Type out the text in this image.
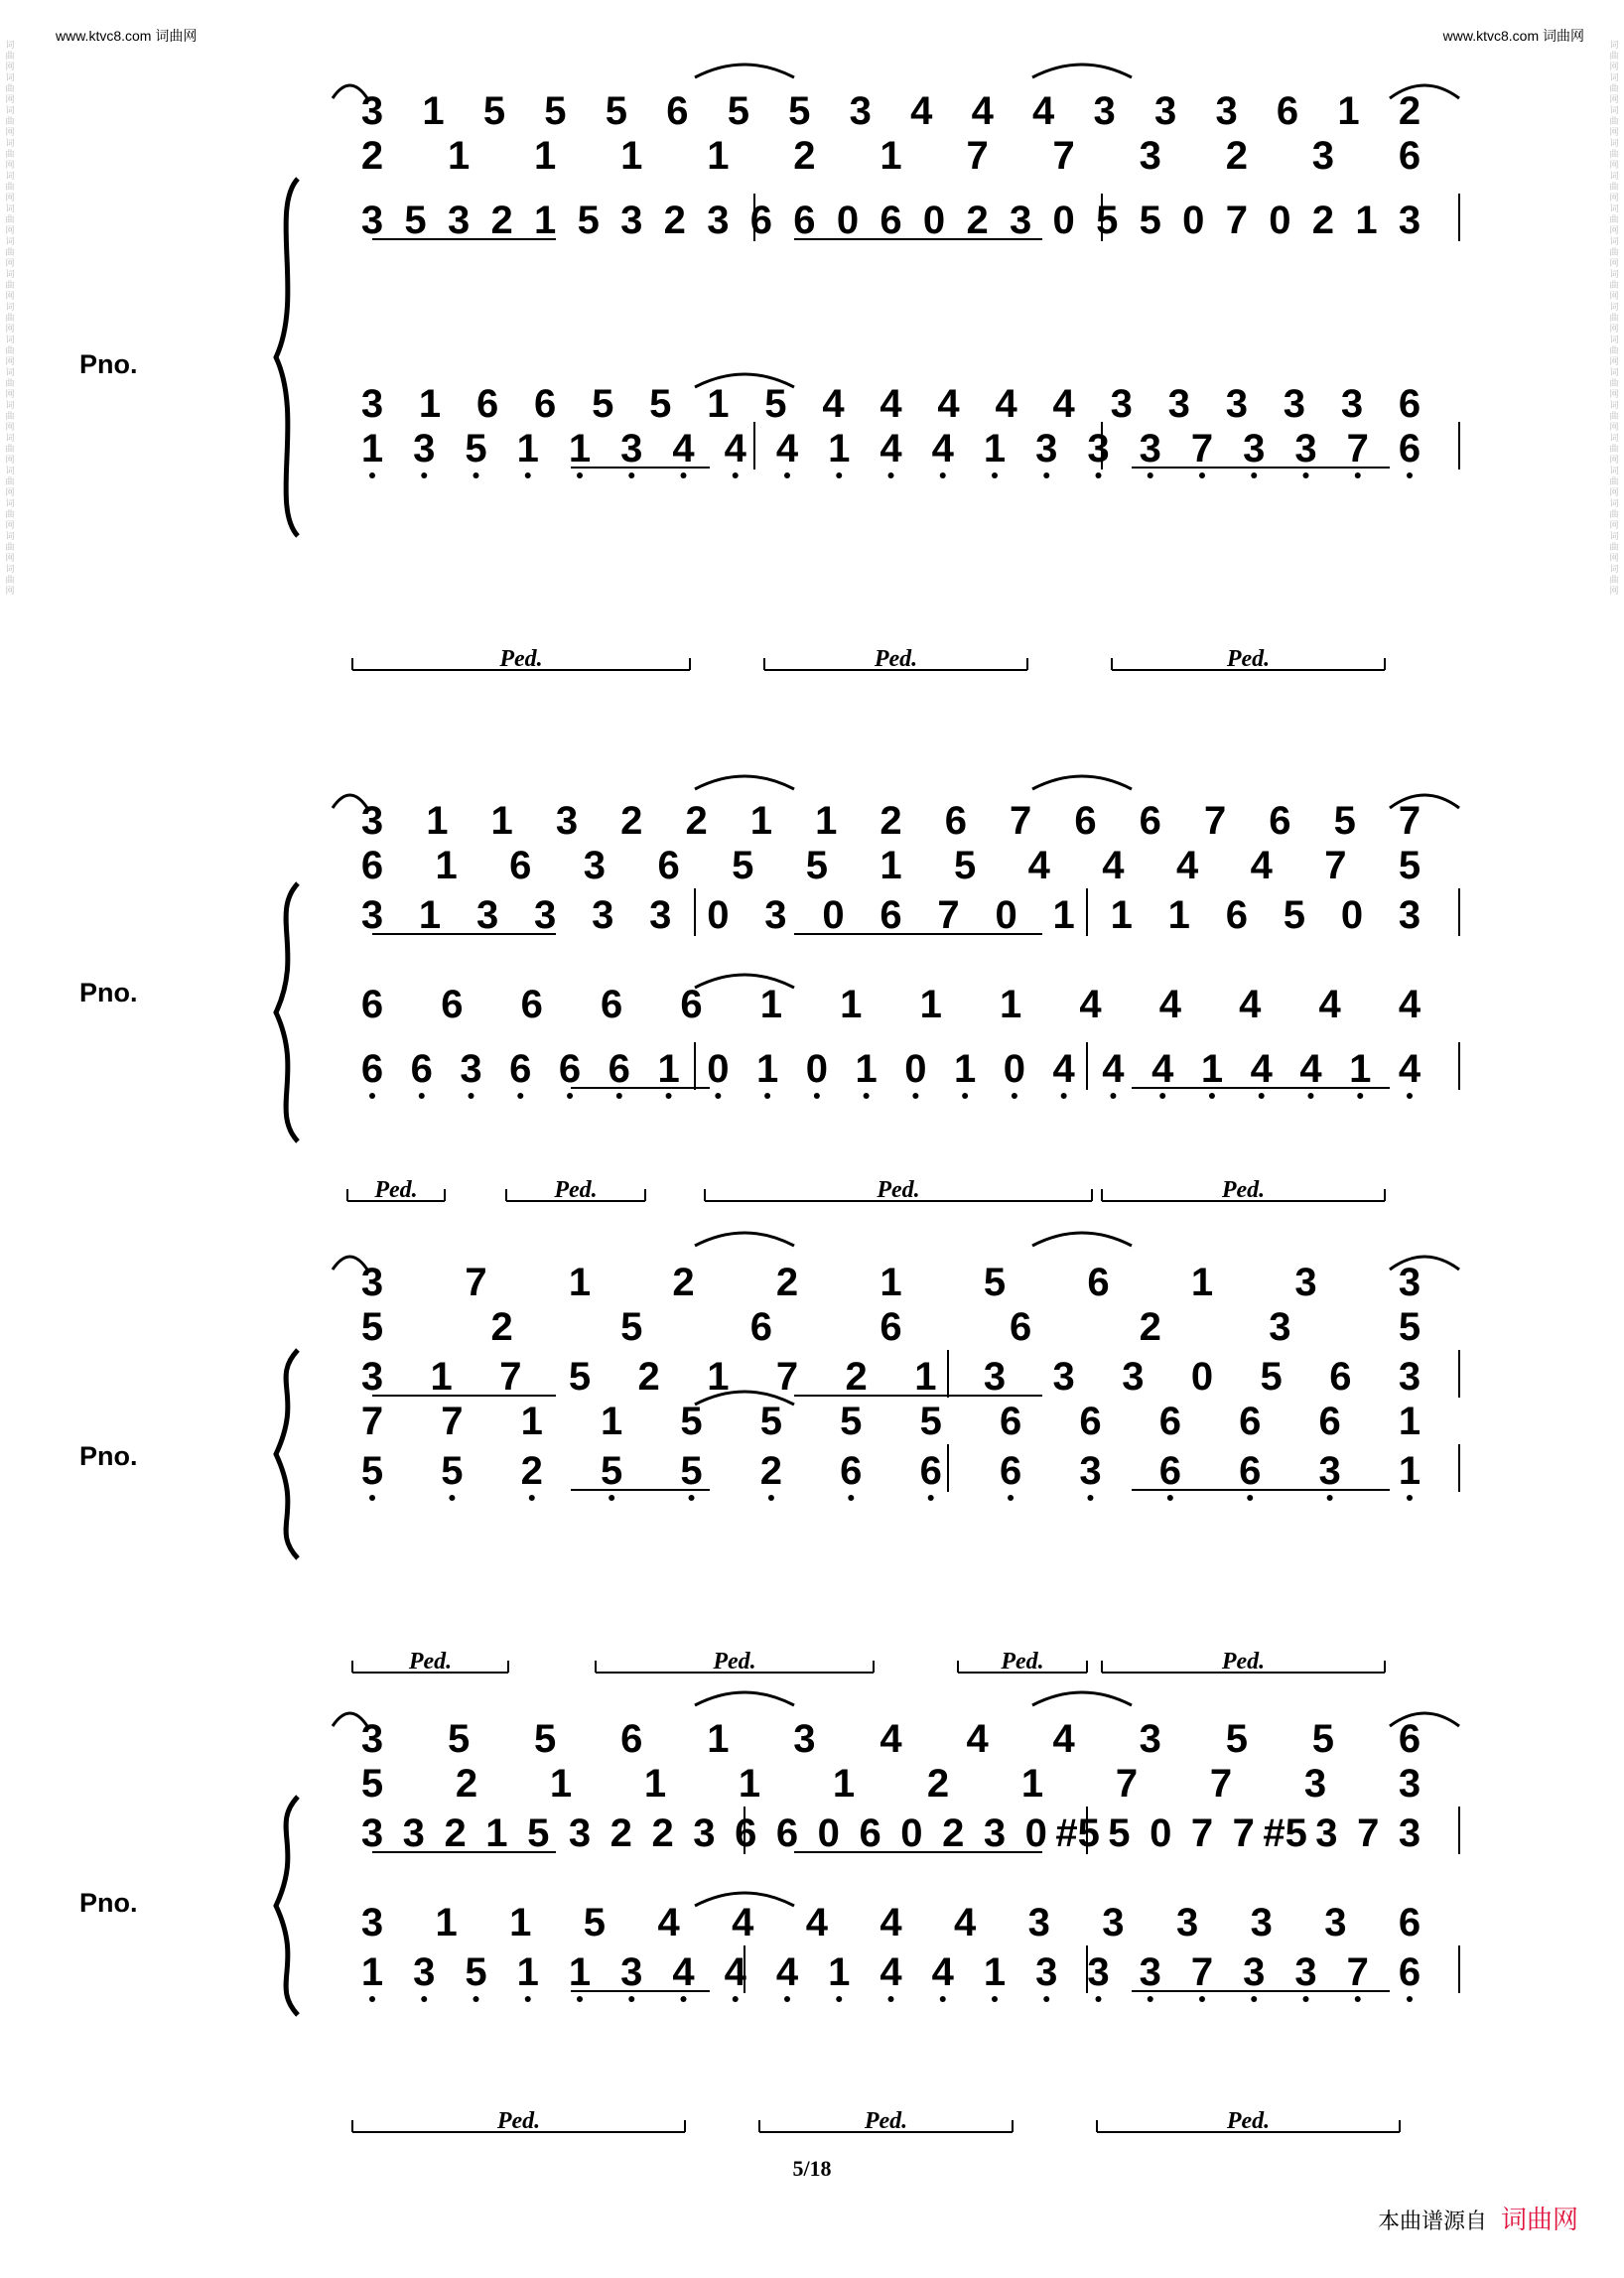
www.ktvc8.com 词曲网	www.ktvc8.com 词曲网
词
曲
网
词
曲
网
词
曲
网
词
曲
网
词
曲
网
词
曲
网
词
曲
网
词
曲
网
词
曲
网
词
曲
网
词
曲
网
词
曲
网
词
曲
网
词
曲
网
词
曲
网
词
曲
网
词
曲
网
词
曲
网
词
曲
网
词
曲
网
词
曲
网
词
曲
网
词
曲
网
词
曲
网
词
曲
网
词
曲
网
词
曲
网
词
曲
网
词
曲
网
词
曲
网
词
曲
网
词
曲
网
词
曲
网
词
曲
网
Pno.
Pno.
Pno.
Pno.
3 1 5 5 5 6 5 5 3 4 4 4 3 3 3 6 1 2
2 1 1 1 1 2 1 7 7 3 2 3 6
3 5 3 2 1 5 3 2 3 6 6 0 6 0 2 3 0 5 5 0 7 0 2 1 3
3 1 6 6 5 5 1 5 4 4 4 4 4 3 3 3 3 3 6
1 3 5 1 1 3 4 4 4 1 4 4 1 3 3 3 7 3 3 7 6
Ped.	Ped.	Ped.
3 1 1 3 2 2 1 1 2 6 7 6 6 7 6 5 7
6 1 6 3 6 5 5 1 5 4 4 4 4 7 5
3 1 3 3 3 3 0 3 0 6 7 0 1 1 1 6 5 0 3
6 6 6 6 6 1 1 1 1 4 4 4 4 4
6 6 3 6 6 6 1 0 1 0 1 0 1 0 4 4 4 1 4 4 1 4
Ped.	Ped.	Ped.	Ped.
3 7 1 2 2 1 5 6 1 3 3
5	2	5	6	6	6	2	3	5
3 1 7 5 2 1 7 2 1 3 3 3 0 5 6 3
7 7 1 1 5 5 5 5 6 6 6 6 6 1
5 5 2 5 5 2 6 6 6 3 6 6 3 1
Ped.	Ped.	Ped.	Ped.
3 5 5 6 1 3 4 4 4 3 5 5 6
5 2 1 1 1 1 2 1 7 7 3 3
3 3 2 1 5 3 2 2 3 6 6 0 6 0 2 3 0 #5 5 0 7 7 #5 3 7 3
3 1 1 5 4 4 4 4 4 3 3 3 3 3 6
1 3 5 1 1 3 4 4 4 1 4 4 1 3 3 3 7 3 3 7 6
Ped.	Ped.	Ped.
5/18
本曲谱源自 词曲网
